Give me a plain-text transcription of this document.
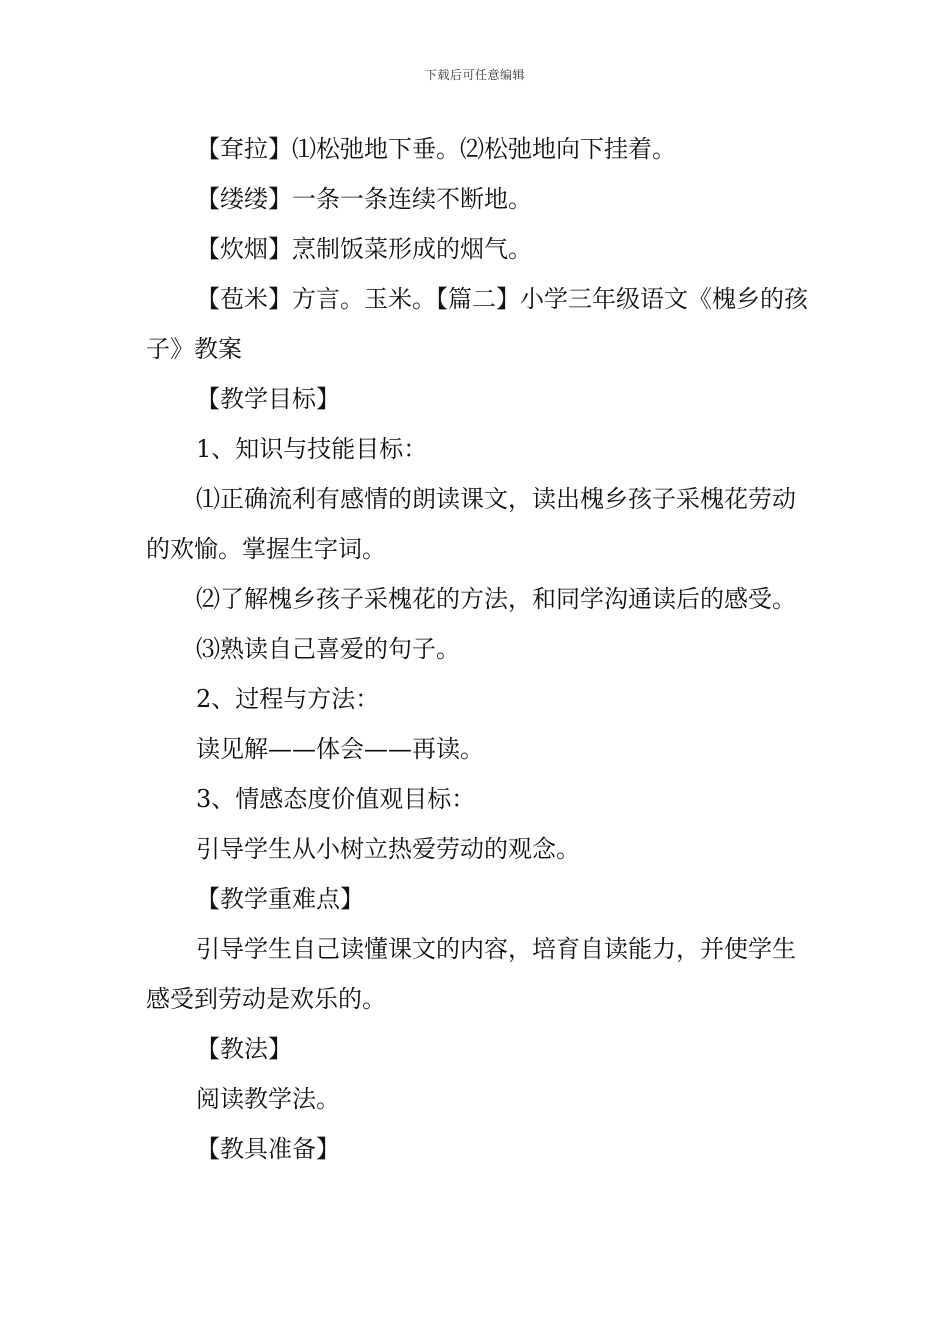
下载后可任意编辑

【耷拉】⑴松弛地下垂。⑵松弛地向下挂着。

【缕缕】一条一条连续不断地。

【炊烟】烹制饭菜形成的烟气。

【苞米】方言。玉米。【篇二】小学三年级语文《槐乡的孩子》教案

【教学目标】

1、知识与技能目标：

⑴正确流利有感情的朗读课文，读出槐乡孩子采槐花劳动的欢愉。掌握生字词。

⑵了解槐乡孩子采槐花的方法，和同学沟通读后的感受。

⑶熟读自己喜爱的句子。

2、过程与方法：

读见解——体会——再读。

3、情感态度价值观目标：

引导学生从小树立热爱劳动的观念。

【教学重难点】

引导学生自己读懂课文的内容，培育自读能力，并使学生感受到劳动是欢乐的。

【教法】

阅读教学法。

【教具准备】
